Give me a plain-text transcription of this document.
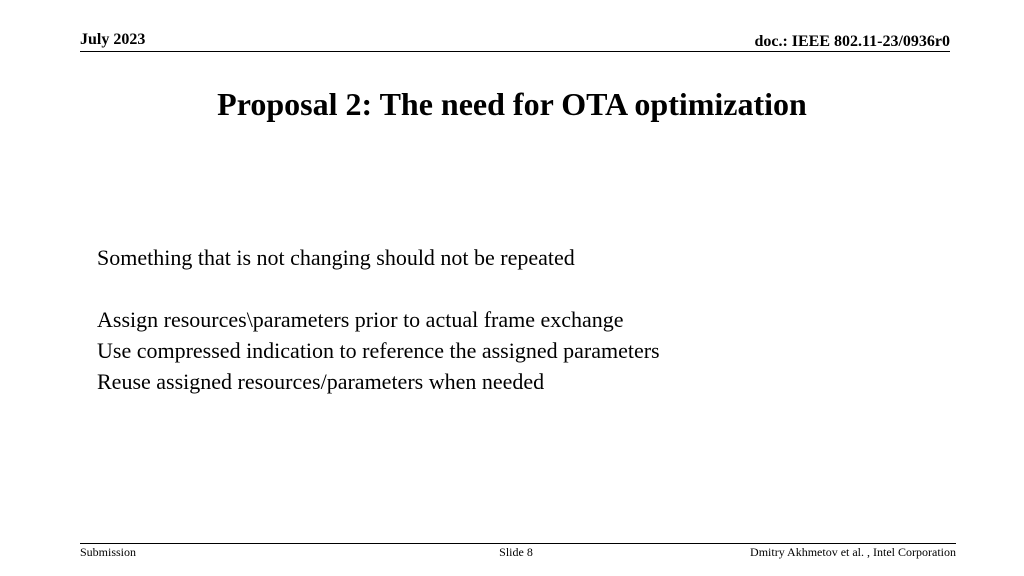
July 2023	doc.: IEEE 802.11-23/0936r0
Proposal 2: The need for OTA optimization
Something that is not changing should not be repeated
Assign resources\parameters prior to actual frame exchange
Use compressed indication to reference the assigned parameters
Reuse assigned resources/parameters when needed
Submission	Slide 8	Dmitry Akhmetov et al. , Intel Corporation
